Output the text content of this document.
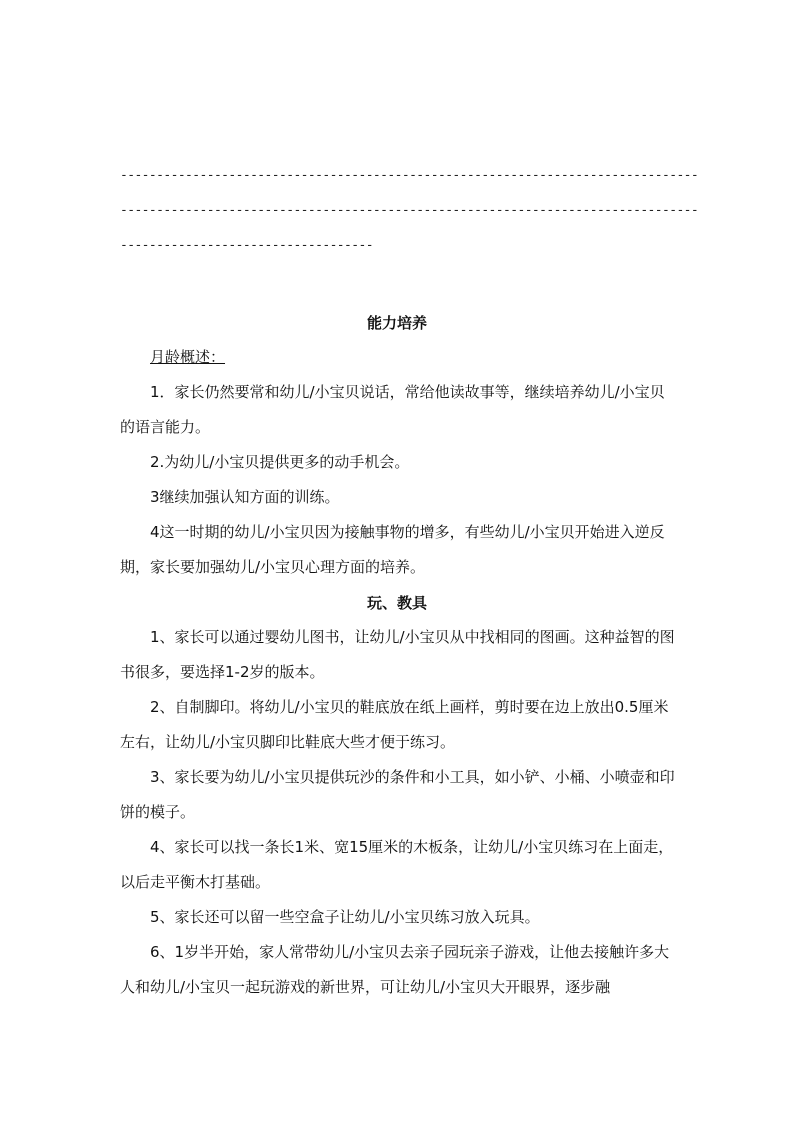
--------------------------------------------------------------------------------
--------------------------------------------------------------------------------
-----------------------------------
能力培养
月龄概述：
1．家长仍然要常和幼儿/小宝贝说话，常给他读故事等，继续培养幼儿/小宝贝的语言能力。
2.为幼儿/小宝贝提供更多的动手机会。
3继续加强认知方面的训练。
4这一时期的幼儿/小宝贝因为接触事物的增多，有些幼儿/小宝贝开始进入逆反期，家长要加强幼儿/小宝贝心理方面的培养。
玩、教具
1、家长可以通过婴幼儿图书，让幼儿/小宝贝从中找相同的图画。这种益智的图书很多，要选择1-2岁的版本。
2、自制脚印。将幼儿/小宝贝的鞋底放在纸上画样，剪时要在边上放出0.5厘米左右，让幼儿/小宝贝脚印比鞋底大些才便于练习。
3、家长要为幼儿/小宝贝提供玩沙的条件和小工具，如小铲、小桶、小喷壶和印饼的模子。
4、家长可以找一条长1米、宽15厘米的木板条，让幼儿/小宝贝练习在上面走，以后走平衡木打基础。
5、家长还可以留一些空盒子让幼儿/小宝贝练习放入玩具。
6、1岁半开始，家人常带幼儿/小宝贝去亲子园玩亲子游戏，让他去接触许多大人和幼儿/小宝贝一起玩游戏的新世界，可让幼儿/小宝贝大开眼界，逐步融
